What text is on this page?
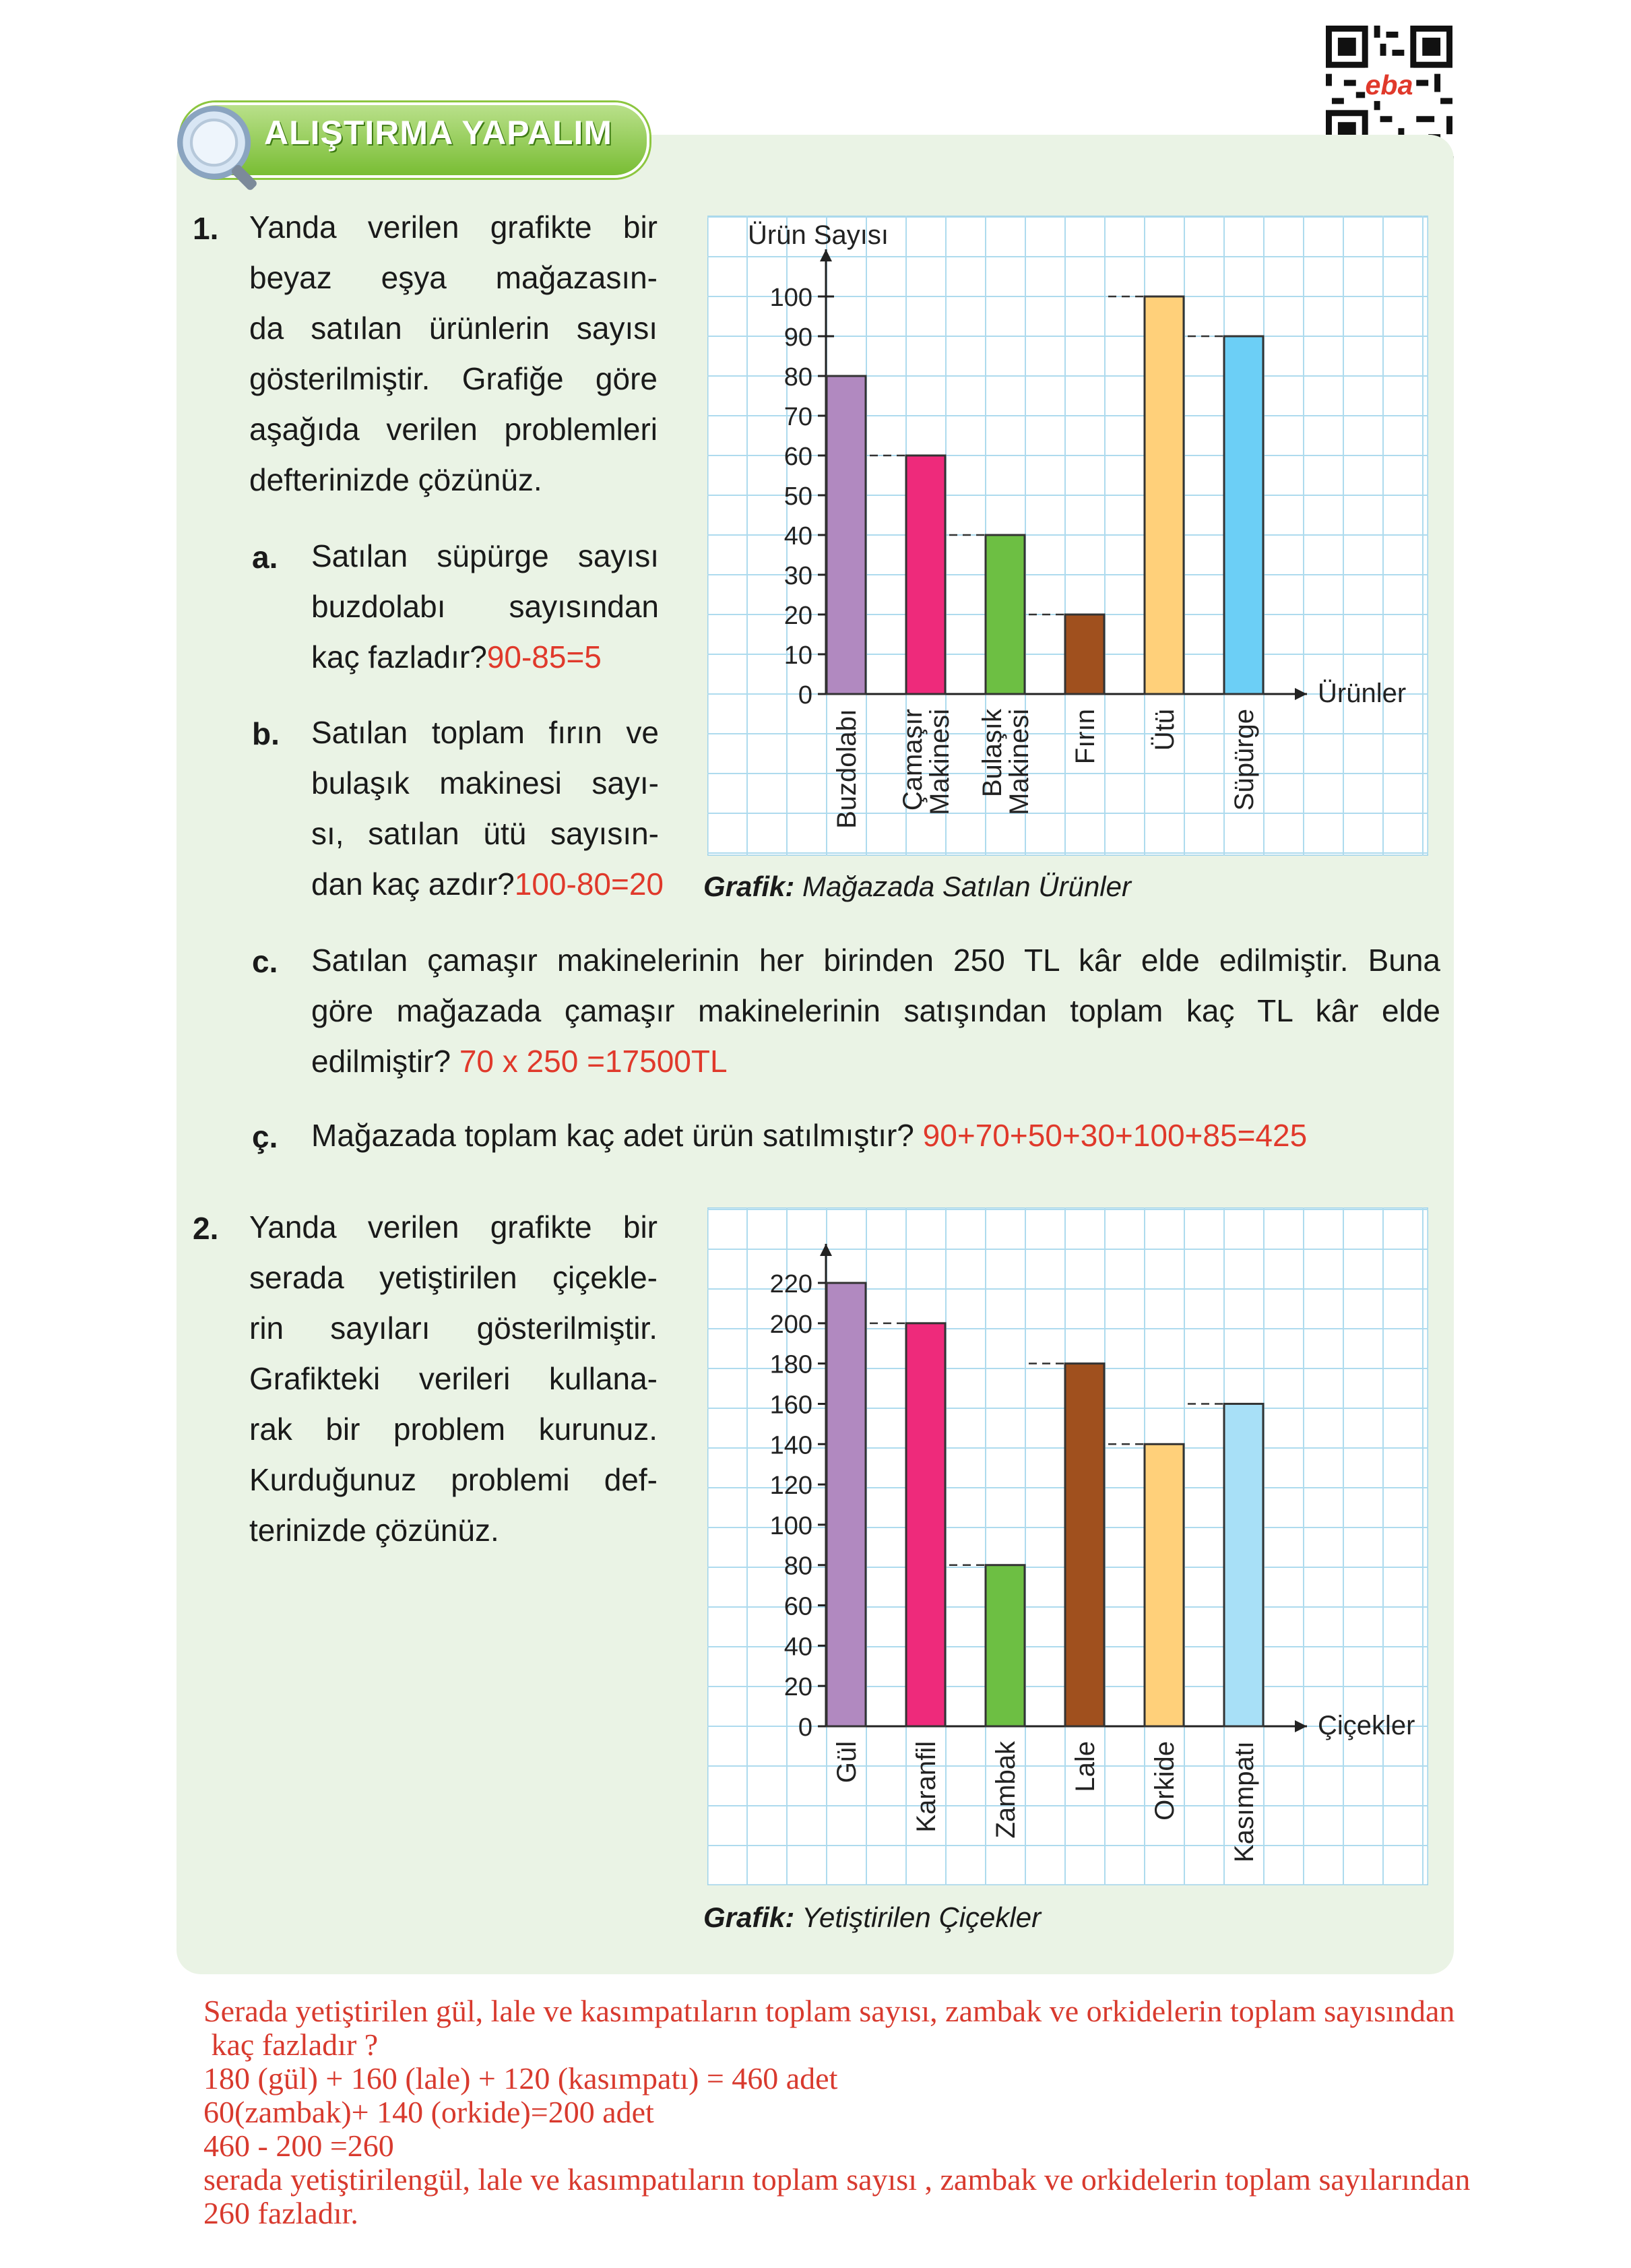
eba
ALIŞTIRMA YAPALIM
1. Yanda verilen grafikte bir
beyaz eşya mağazasın-
da satılan ürünlerin sayısı
gösterilmiştir. Grafiğe göre
aşağıda verilen problemleri
defterinizde çözünüz.
a. Satılan süpürge sayısı
buzdolabı sayısından
kaç fazladır?90-85=5
b. Satılan toplam fırın ve
bulaşık makinesi sayı-
sı, satılan ütü sayısın-
dan kaç azdır?100-80=20 Grafik: Mağazada Satılan Ürünler
c. Satılan çamaşır makinelerinin her birinden 250 TL kâr elde edilmiştir. Buna
göre mağazada çamaşır makinelerinin satışından toplam kaç TL kâr elde
edilmiştir? 70 x 250 =17500TL
ç. Mağazada toplam kaç adet ürün satılmıştır? 90+70+50+30+100+85=425
2. Yanda verilen grafikte bir
serada yetiştirilen çiçekle-
rin sayıları gösterilmiştir.
Grafikteki verileri kullana-
rak bir problem kurunuz.
Kurduğunuz problemi def-
terinizde çözünüz.
Grafik: Yetiştirilen Çiçekler
Ürün Sayısı
Ürünler
0
10
20
30
40
50
60
70
80
90
100
Buzdolabı Çamaşır
Makinesi Bulaşık
Makinesi Fırın Ütü Süpürge
Çiçekler
0
20
40
60
80
100
120
140
160
180
200
220
Gül Karanfil Zambak Lale Orkide Kasımpatı
Serada yetiştirilen gül, lale ve kasımpatıların toplam sayısı, zambak ve orkidelerin toplam sayısından
kaç fazladır ?
180 (gül) + 160 (lale) + 120 (kasımpatı) = 460 adet
60(zambak)+ 140 (orkide)=200 adet
460 - 200 =260
serada yetiştirilengül, lale ve kasımpatıların toplam sayısı , zambak ve orkidelerin toplam sayılarından
260 fazladır.
